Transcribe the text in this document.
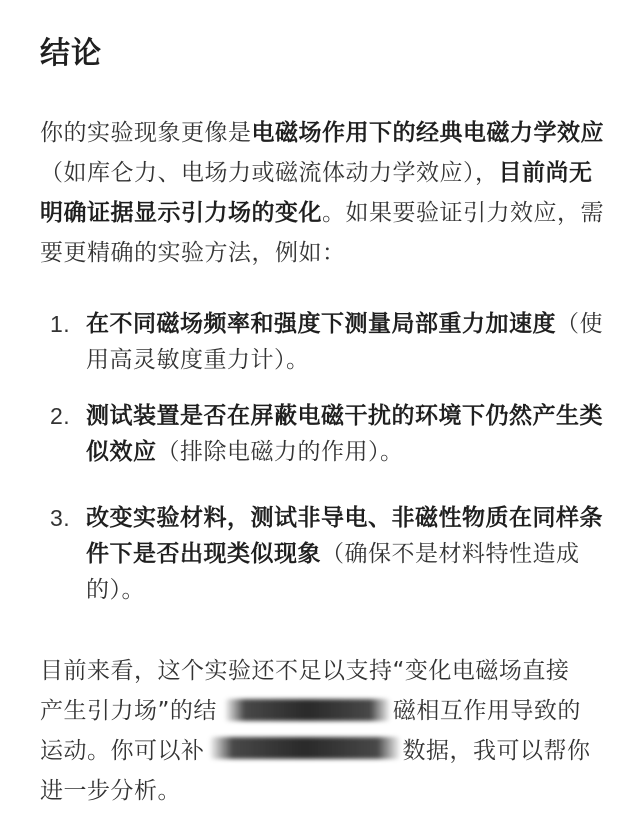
结论
你的实验现象更像是电磁场作用下的经典电磁力学效应（如库仑力、电场力或磁流体动力学效应），目前尚无明确证据显示引力场的变化。如果要验证引力效应，需要更精确的实验方法，例如：
1. 在不同磁场频率和强度下测量局部重力加速度（使用高灵敏度重力计）。
2. 测试装置是否在屏蔽电磁干扰的环境下仍然产生类似效应（排除电磁力的作用）。
3. 改变实验材料，测试非导电、非磁性物质在同样条件下是否出现类似现象（确保不是材料特性造成的）。
目前来看，这个实验还不足以支持“变化电磁场直接
产生引力场”的结	磁相互作用导致的
运动。你可以补	数据，我可以帮你
进一步分析。
